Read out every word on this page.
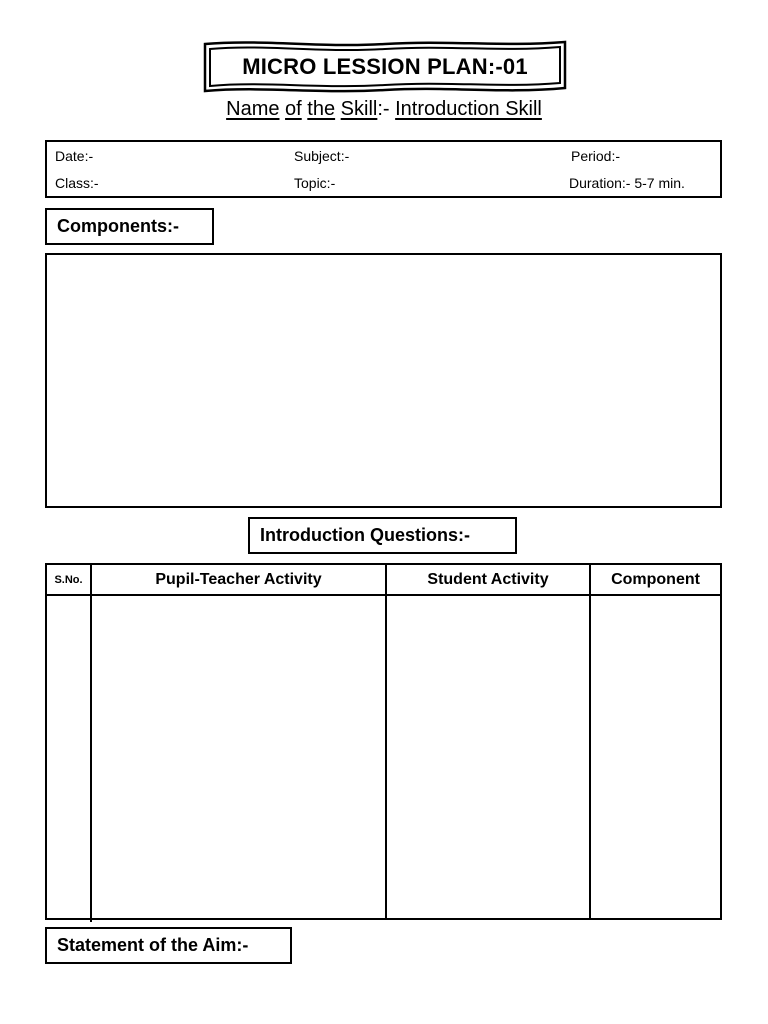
MICRO LESSION PLAN:-01
Name of the Skill:- Introduction Skill
Date:-	Subject:-	Period:-
Class:-	Topic:-	Duration:- 5-7 min.
Components:-
Introduction Questions:-
S.No.	Pupil-Teacher Activity	Student Activity	Component
Statement of the Aim:-
